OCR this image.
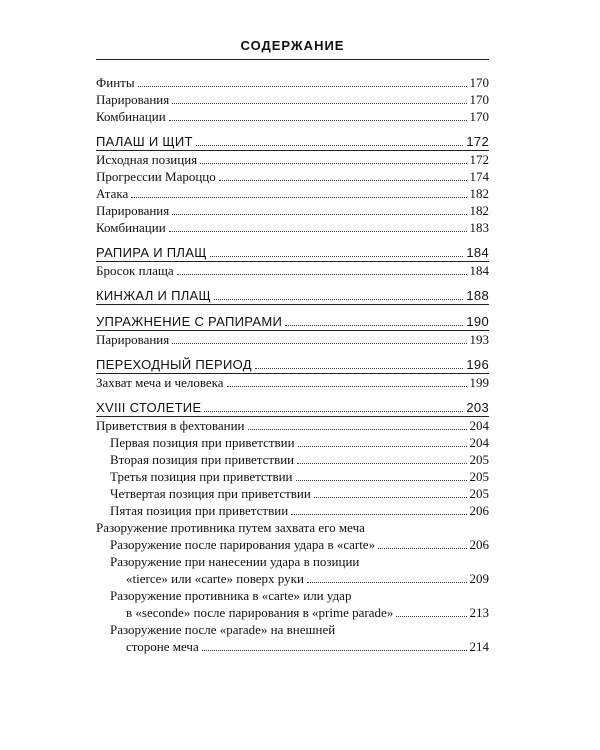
СОДЕРЖАНИЕ
Финты	170
Парирования	170
Комбинации	170
ПАЛАШ И ЩИТ	172
Исходная позиция	172
Прогрессии Мароццо	174
Атака	182
Парирования	182
Комбинации	183
РАПИРА И ПЛАЩ	184
Бросок плаща	184
КИНЖАЛ И ПЛАЩ	188
УПРАЖНЕНИЕ С РАПИРАМИ	190
Парирования	193
ПЕРЕХОДНЫЙ ПЕРИОД	196
Захват меча и человека	199
XVIII СТОЛЕТИЕ	203
Приветствия в фехтовании	204
Первая позиция при приветствии	204
Вторая позиция при приветствии	205
Третья позиция при приветствии	205
Четвертая позиция при приветствии	205
Пятая позиция при приветствии	206
Разоружение противника путем захвата его меча
Разоружение после парирования удара в «carte»	206
Разоружение при нанесении удара в позиции
«tierce» или «carte» поверх руки	209
Разоружение противника в «carte» или удар
в «seconde» после парирования в «prime parade»	213
Разоружение после «parade» на внешней
стороне меча	214
